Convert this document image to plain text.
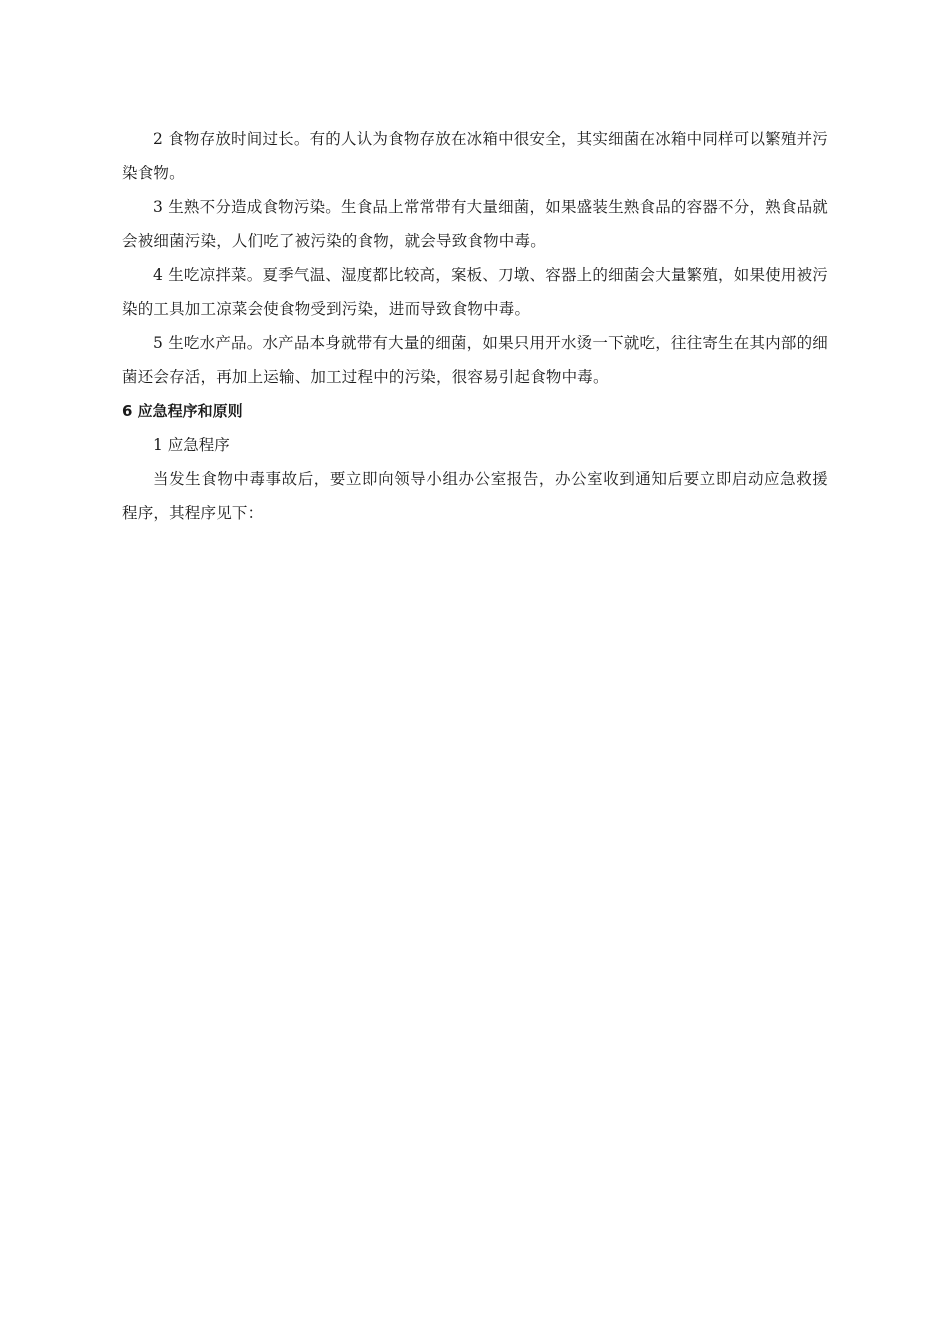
2 食物存放时间过长。有的人认为食物存放在冰箱中很安全，其实细菌在冰箱中同样可以繁殖并污染食物。

3 生熟不分造成食物污染。生食品上常常带有大量细菌，如果盛装生熟食品的容器不分，熟食品就会被细菌污染，人们吃了被污染的食物，就会导致食物中毒。

4 生吃凉拌菜。夏季气温、湿度都比较高，案板、刀墩、容器上的细菌会大量繁殖，如果使用被污染的工具加工凉菜会使食物受到污染，进而导致食物中毒。

5 生吃水产品。水产品本身就带有大量的细菌，如果只用开水烫一下就吃，往往寄生在其内部的细菌还会存活，再加上运输、加工过程中的污染，很容易引起食物中毒。

6 应急程序和原则

1 应急程序

当发生食物中毒事故后，要立即向领导小组办公室报告，办公室收到通知后要立即启动应急救援程序，其程序见下：
